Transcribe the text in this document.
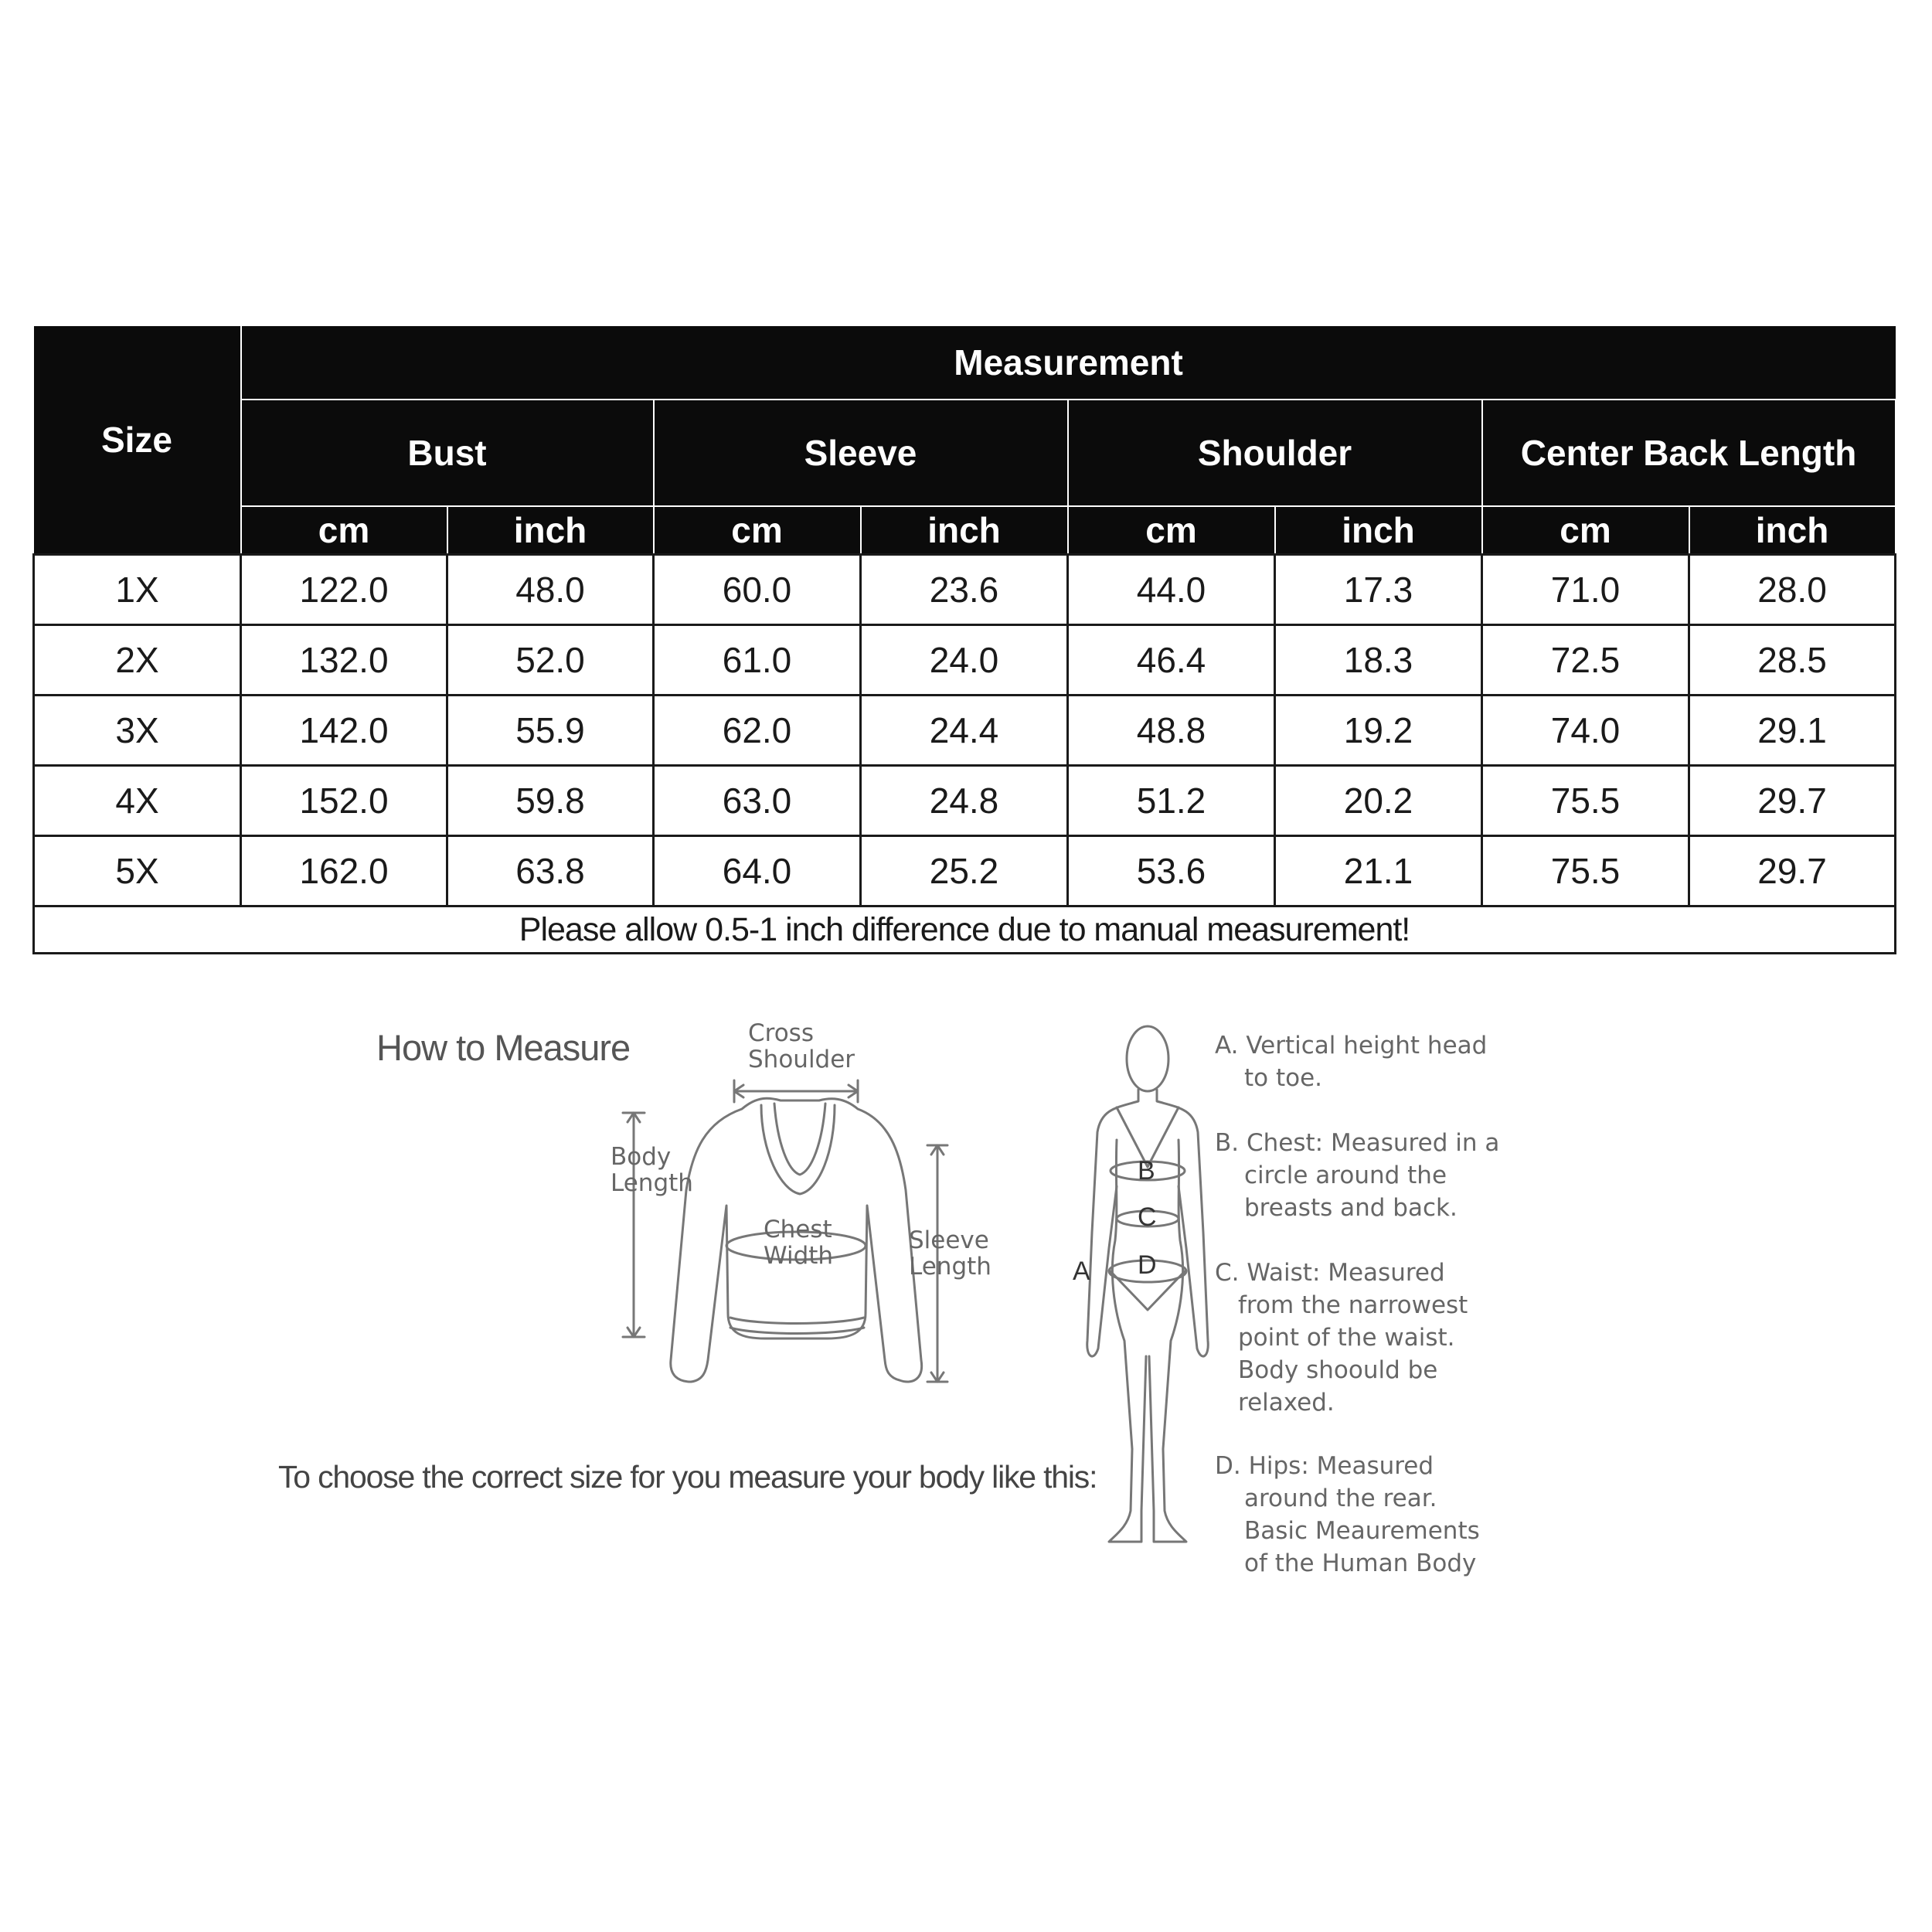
Size	Measurement							
	Bust		Sleeve		Shoulder		Center Back Length	
	cm	inch	cm	inch	cm	inch	cm	inch
1X	122.0	48.0	60.0	23.6	44.0	17.3	71.0	28.0
2X	132.0	52.0	61.0	24.0	46.4	18.3	72.5	28.5
3X	142.0	55.9	62.0	24.4	48.8	19.2	74.0	29.1
4X	152.0	59.8	63.0	24.8	51.2	20.2	75.5	29.7
5X	162.0	63.8	64.0	25.2	53.6	21.1	75.5	29.7
Please allow 0.5-1 inch difference due to manual measurement!								
How to Measure
To choose the correct size for you measure your body like this:
Cross
Shoulder
Body
Length
Chest
Width
Sleeve
Length	A
B
C
D
A. Vertical height head
to toe.
B. Chest: Measured in a
circle around the
breasts and back.
C. Waist: Measured
from the narrowest
point of the waist.
Body shoould be
relaxed.
D. Hips: Measured
around the rear.
Basic Meaurements
of the Human Body
